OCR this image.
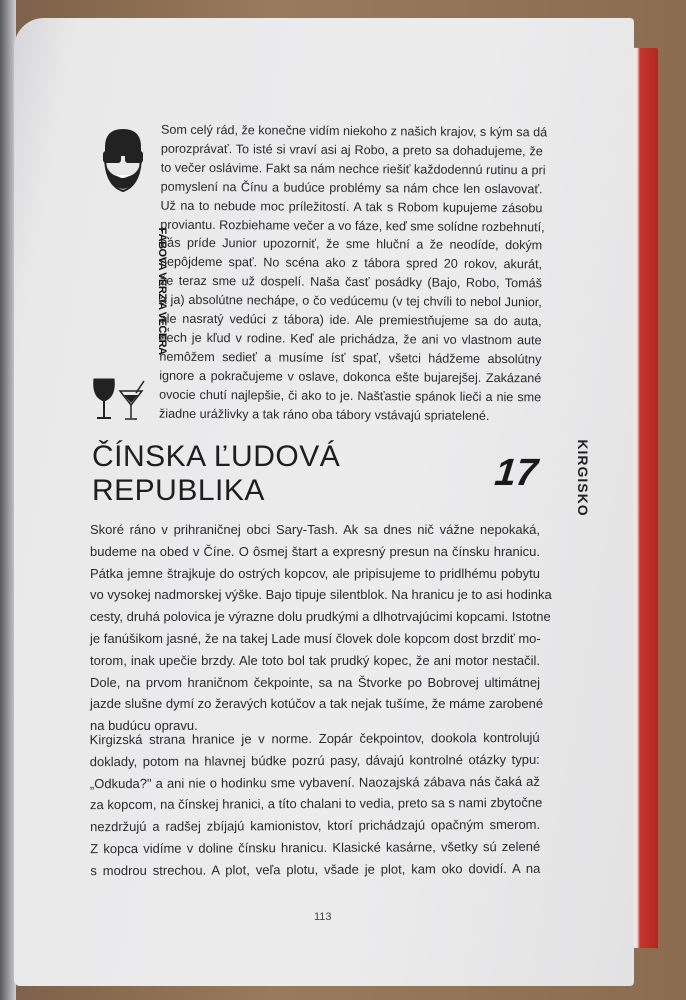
FÁBOVA VERZIA VEČERA
Som celý rád, že konečne vidím niekoho z našich krajov, s kým sa dá
porozprávať. To isté si vraví asi aj Robo, a preto sa dohadujeme, že
to večer oslávime. Fakt sa nám nechce riešiť každodennú rutinu a pri
pomyslení na Čínu a budúce problémy sa nám chce len oslavovať.
Už na to nebude moc príležitostí. A tak s Robom kupujeme zásobu
proviantu. Rozbiehame večer a vo fáze, keď sme solídne rozbehnutí,
nás príde Junior upozorniť, že sme hluční a že neodíde, dokým
nepôjdeme spať. No scéna ako z tábora spred 20 rokov, akurát,
že teraz sme už dospelí. Naša časť posádky (Bajo, Robo, Tomáš
a ja) absolútne nechápe, o čo vedúcemu (v tej chvíli to nebol Junior,
ale nasratý vedúci z tábora) ide. Ale premiestňujeme sa do auta,
nech je kľud v rodine. Keď ale prichádza, že ani vo vlastnom aute
nemôžem sedieť a musíme ísť spať, všetci hádžeme absolútny
ignore a pokračujeme v oslave, dokonca ešte bujarejšej. Zakázané
ovocie chutí najlepšie, či ako to je. Našťastie spánok lieči a nie sme
žiadne urážlivky a tak ráno oba tábory vstávajú spriatelené.
ČÍNSKA ĽUDOVÁ
REPUBLIKA	17	KIRGISKO
Skoré ráno v prihraničnej obci Sary-Tash. Ak sa dnes nič vážne nepokaká,
budeme na obed v Číne. O ôsmej štart a expresný presun na čínsku hranicu.
Pátka jemne štrajkuje do ostrých kopcov, ale pripisujeme to pridlhému pobytu
vo vysokej nadmorskej výške. Bajo tipuje silentblok. Na hranicu je to asi hodinka
cesty, druhá polovica je výrazne dolu prudkými a dlhotrvajúcimi kopcami. Istotne
je fanúšikom jasné, že na takej Lade musí človek dole kopcom dost brzdiť mo-
torom, inak upečie brzdy. Ale toto bol tak prudký kopec, že ani motor nestačil.
Dole, na prvom hraničnom čekpointe, sa na Štvorke po Bobrovej ultimátnej
jazde slušne dymí zo žeravých kotúčov a tak nejak tušíme, že máme zarobené
na budúcu opravu.
Kirgizská strana hranice je v norme. Zopár čekpointov, dookola kontrolujú
doklady, potom na hlavnej búdke pozrú pasy, dávajú kontrolné otázky typu:
„Odkuda?" a ani nie o hodinku sme vybavení. Naozajská zábava nás čaká až
za kopcom, na čínskej hranici, a títo chalani to vedia, preto sa s nami zbytočne
nezdržujú a radšej zbíjajú kamionistov, ktorí prichádzajú opačným smerom.
Z kopca vidíme v doline čínsku hranicu. Klasické kasárne, všetky sú zelené
s modrou strechou. A plot, veľa plotu, všade je plot, kam oko dovidí. A na
113
